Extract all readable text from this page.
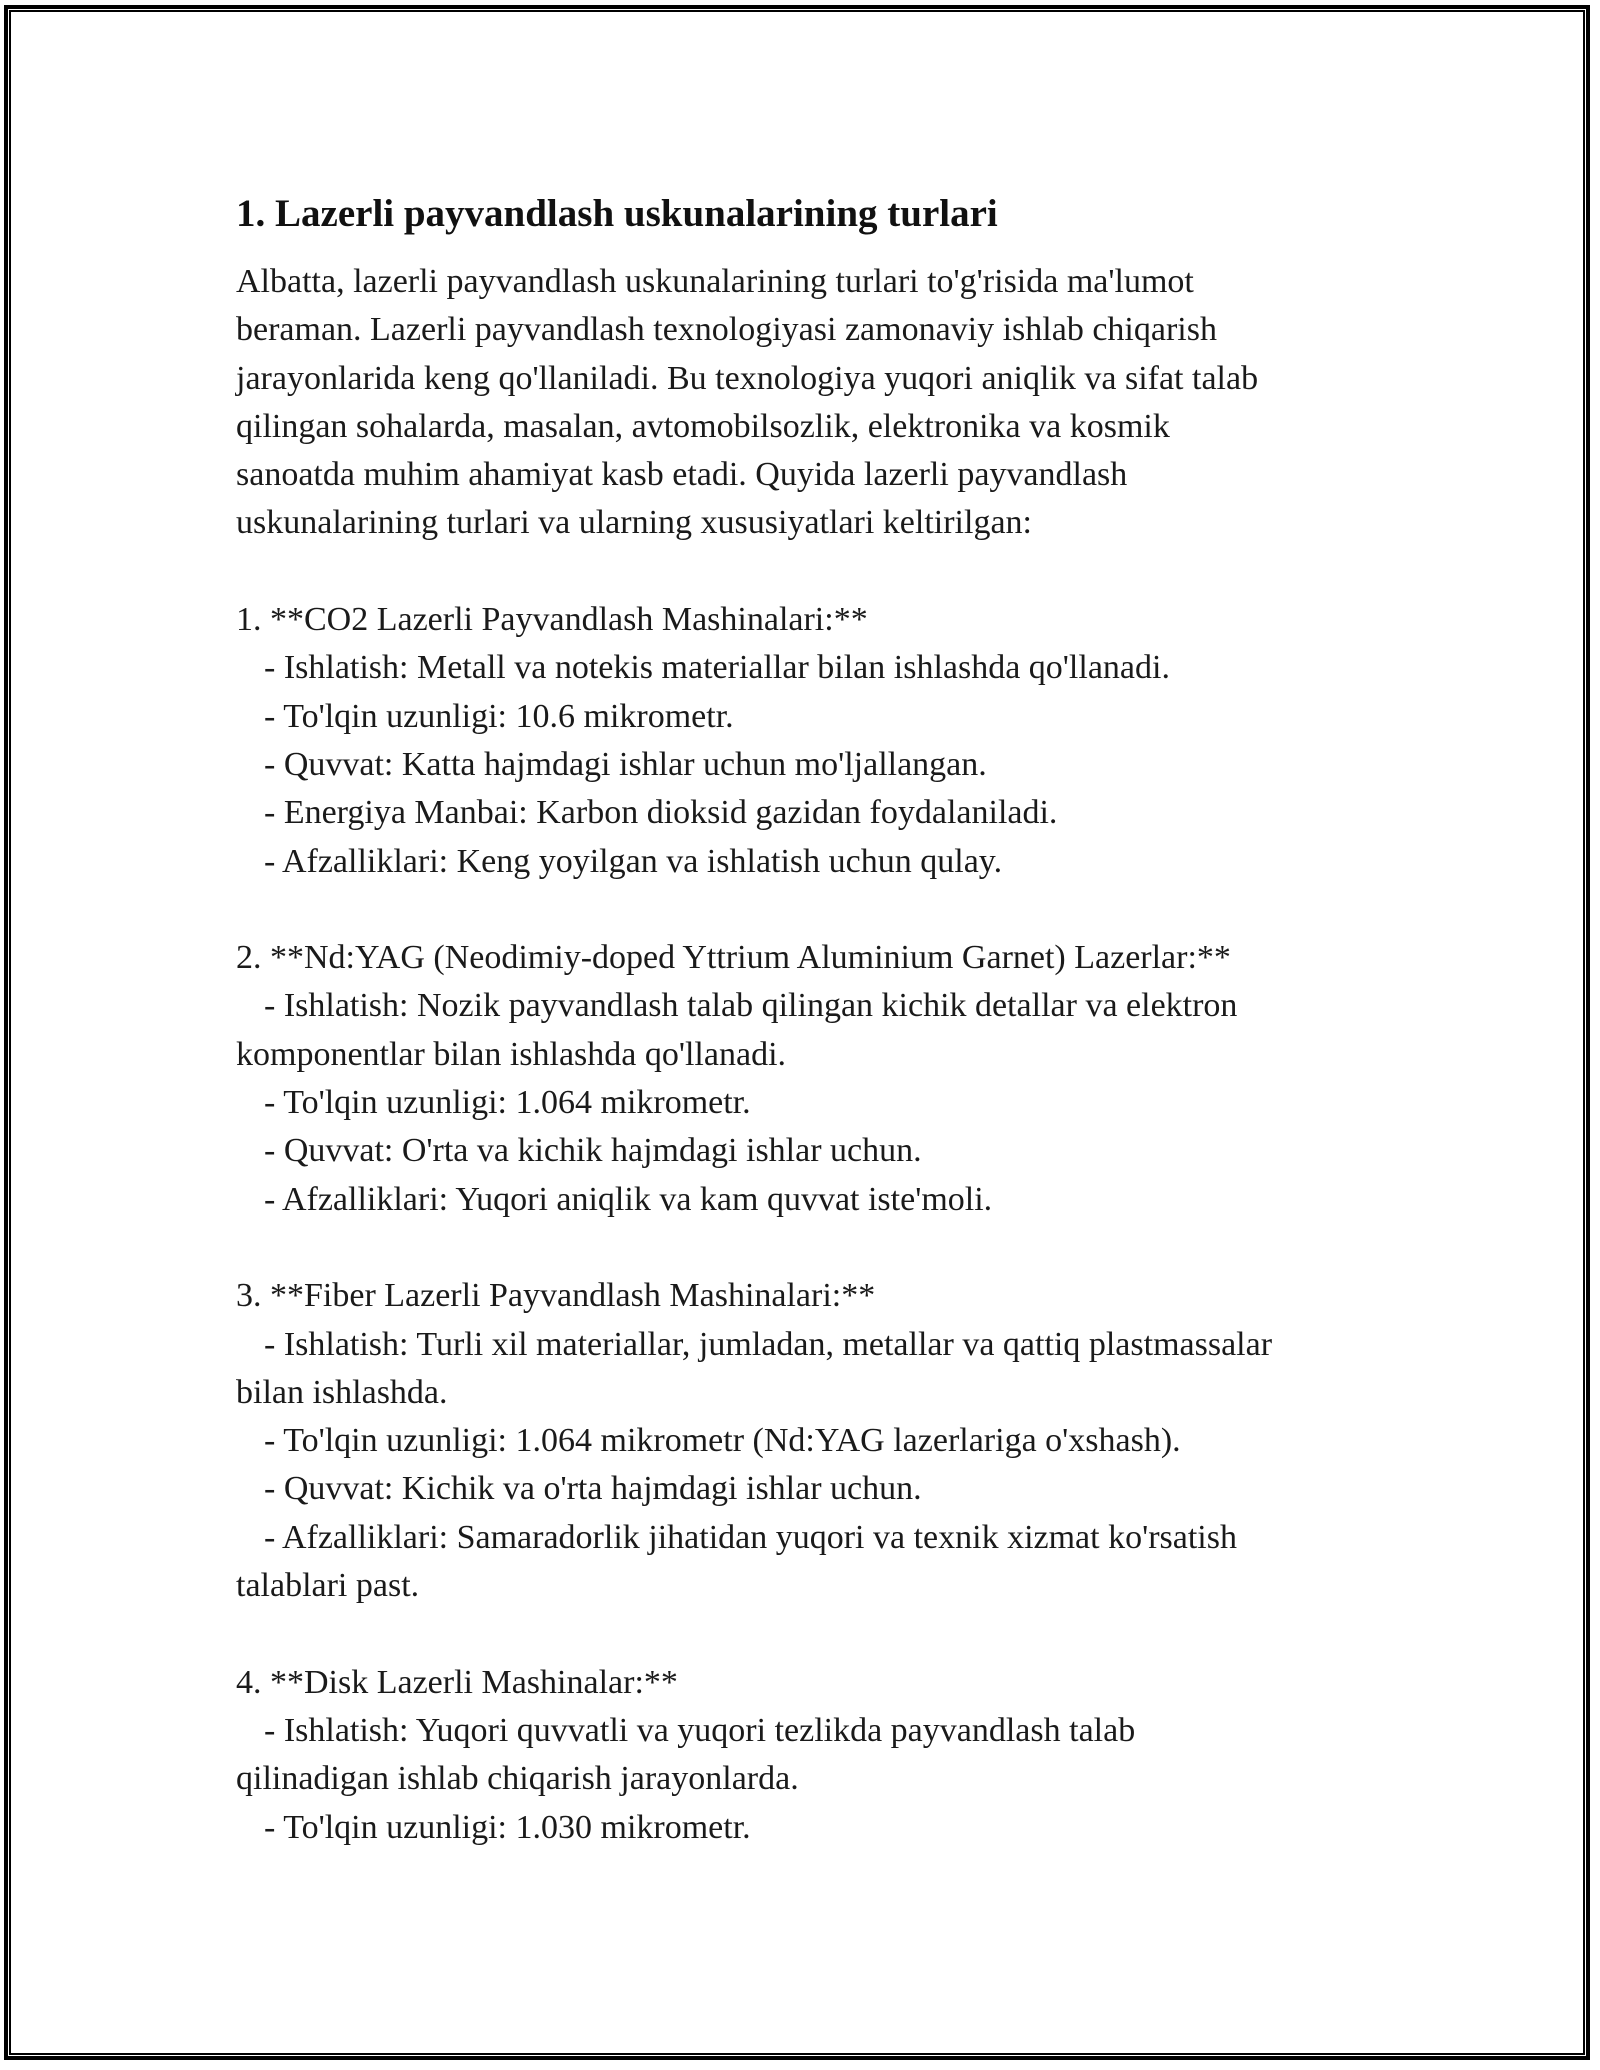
1. Lazerli payvandlash uskunalarining turlari
Albatta, lazerli payvandlash uskunalarining turlari to'g'risida ma'lumot
beraman. Lazerli payvandlash texnologiyasi zamonaviy ishlab chiqarish
jarayonlarida keng qo'llaniladi. Bu texnologiya yuqori aniqlik va sifat talab
qilingan sohalarda, masalan, avtomobilsozlik, elektronika va kosmik
sanoatda muhim ahamiyat kasb etadi. Quyida lazerli payvandlash
uskunalarining turlari va ularning xususiyatlari keltirilgan:
1. **CO2 Lazerli Payvandlash Mashinalari:**
- Ishlatish: Metall va notekis materiallar bilan ishlashda qo'llanadi.
- To'lqin uzunligi: 10.6 mikrometr.
- Quvvat: Katta hajmdagi ishlar uchun mo'ljallangan.
- Energiya Manbai: Karbon dioksid gazidan foydalaniladi.
- Afzalliklari: Keng yoyilgan va ishlatish uchun qulay.
2. **Nd:YAG (Neodimiy-doped Yttrium Aluminium Garnet) Lazerlar:**
- Ishlatish: Nozik payvandlash talab qilingan kichik detallar va elektron
komponentlar bilan ishlashda qo'llanadi.
- To'lqin uzunligi: 1.064 mikrometr.
- Quvvat: O'rta va kichik hajmdagi ishlar uchun.
- Afzalliklari: Yuqori aniqlik va kam quvvat iste'moli.
3. **Fiber Lazerli Payvandlash Mashinalari:**
- Ishlatish: Turli xil materiallar, jumladan, metallar va qattiq plastmassalar
bilan ishlashda.
- To'lqin uzunligi: 1.064 mikrometr (Nd:YAG lazerlariga o'xshash).
- Quvvat: Kichik va o'rta hajmdagi ishlar uchun.
- Afzalliklari: Samaradorlik jihatidan yuqori va texnik xizmat ko'rsatish
talablari past.
4. **Disk Lazerli Mashinalar:**
- Ishlatish: Yuqori quvvatli va yuqori tezlikda payvandlash talab
qilinadigan ishlab chiqarish jarayonlarda.
- To'lqin uzunligi: 1.030 mikrometr.
